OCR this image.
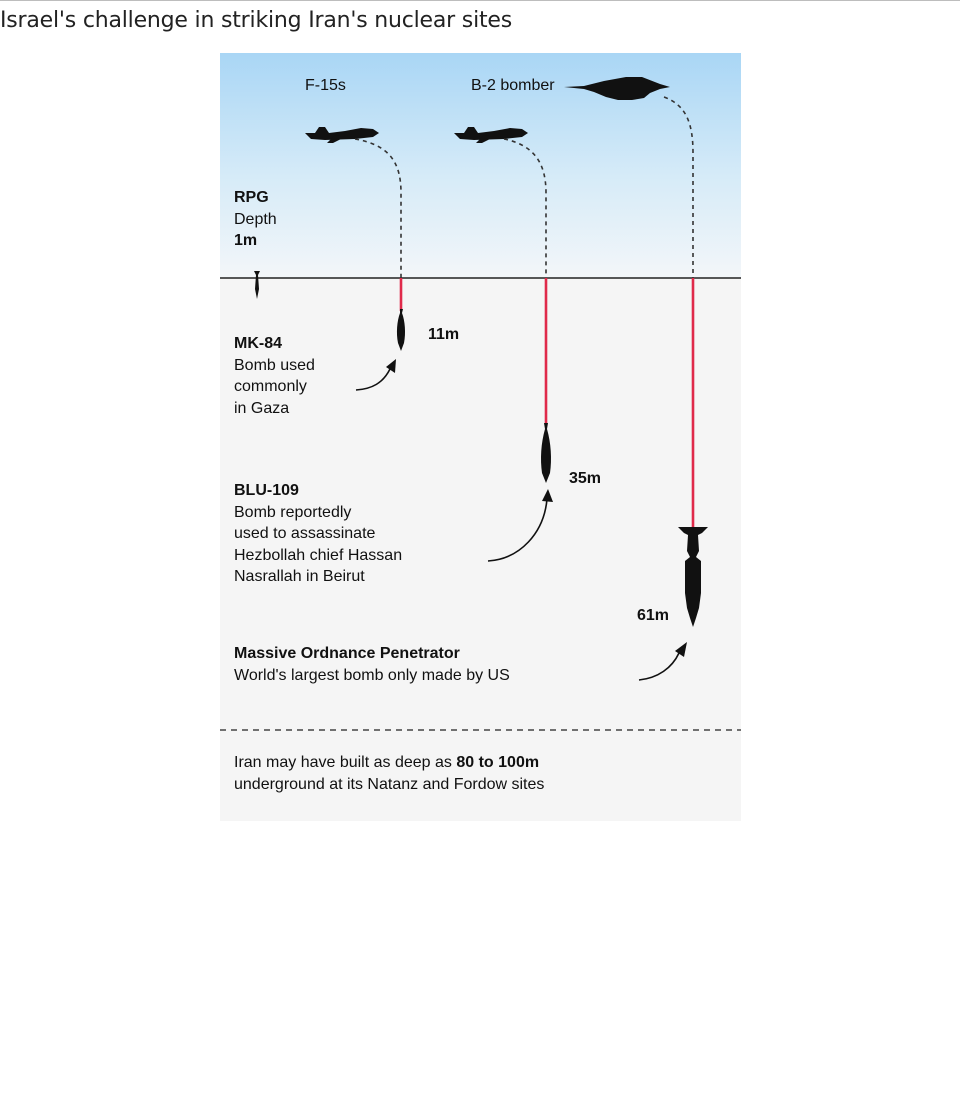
Israel's challenge in striking Iran's nuclear sites
F-15s	B-2 bomber
RPG
Depth
1m
MK-84
Bomb used
commonly
in Gaza
11m
BLU-109
Bomb reportedly
used to assassinate
Hezbollah chief Hassan
Nasrallah in Beirut
35m
Massive Ordnance Penetrator
World's largest bomb only made by US
61m
Iran may have built as deep as 80 to 100m
underground at its Natanz and Fordow sites
